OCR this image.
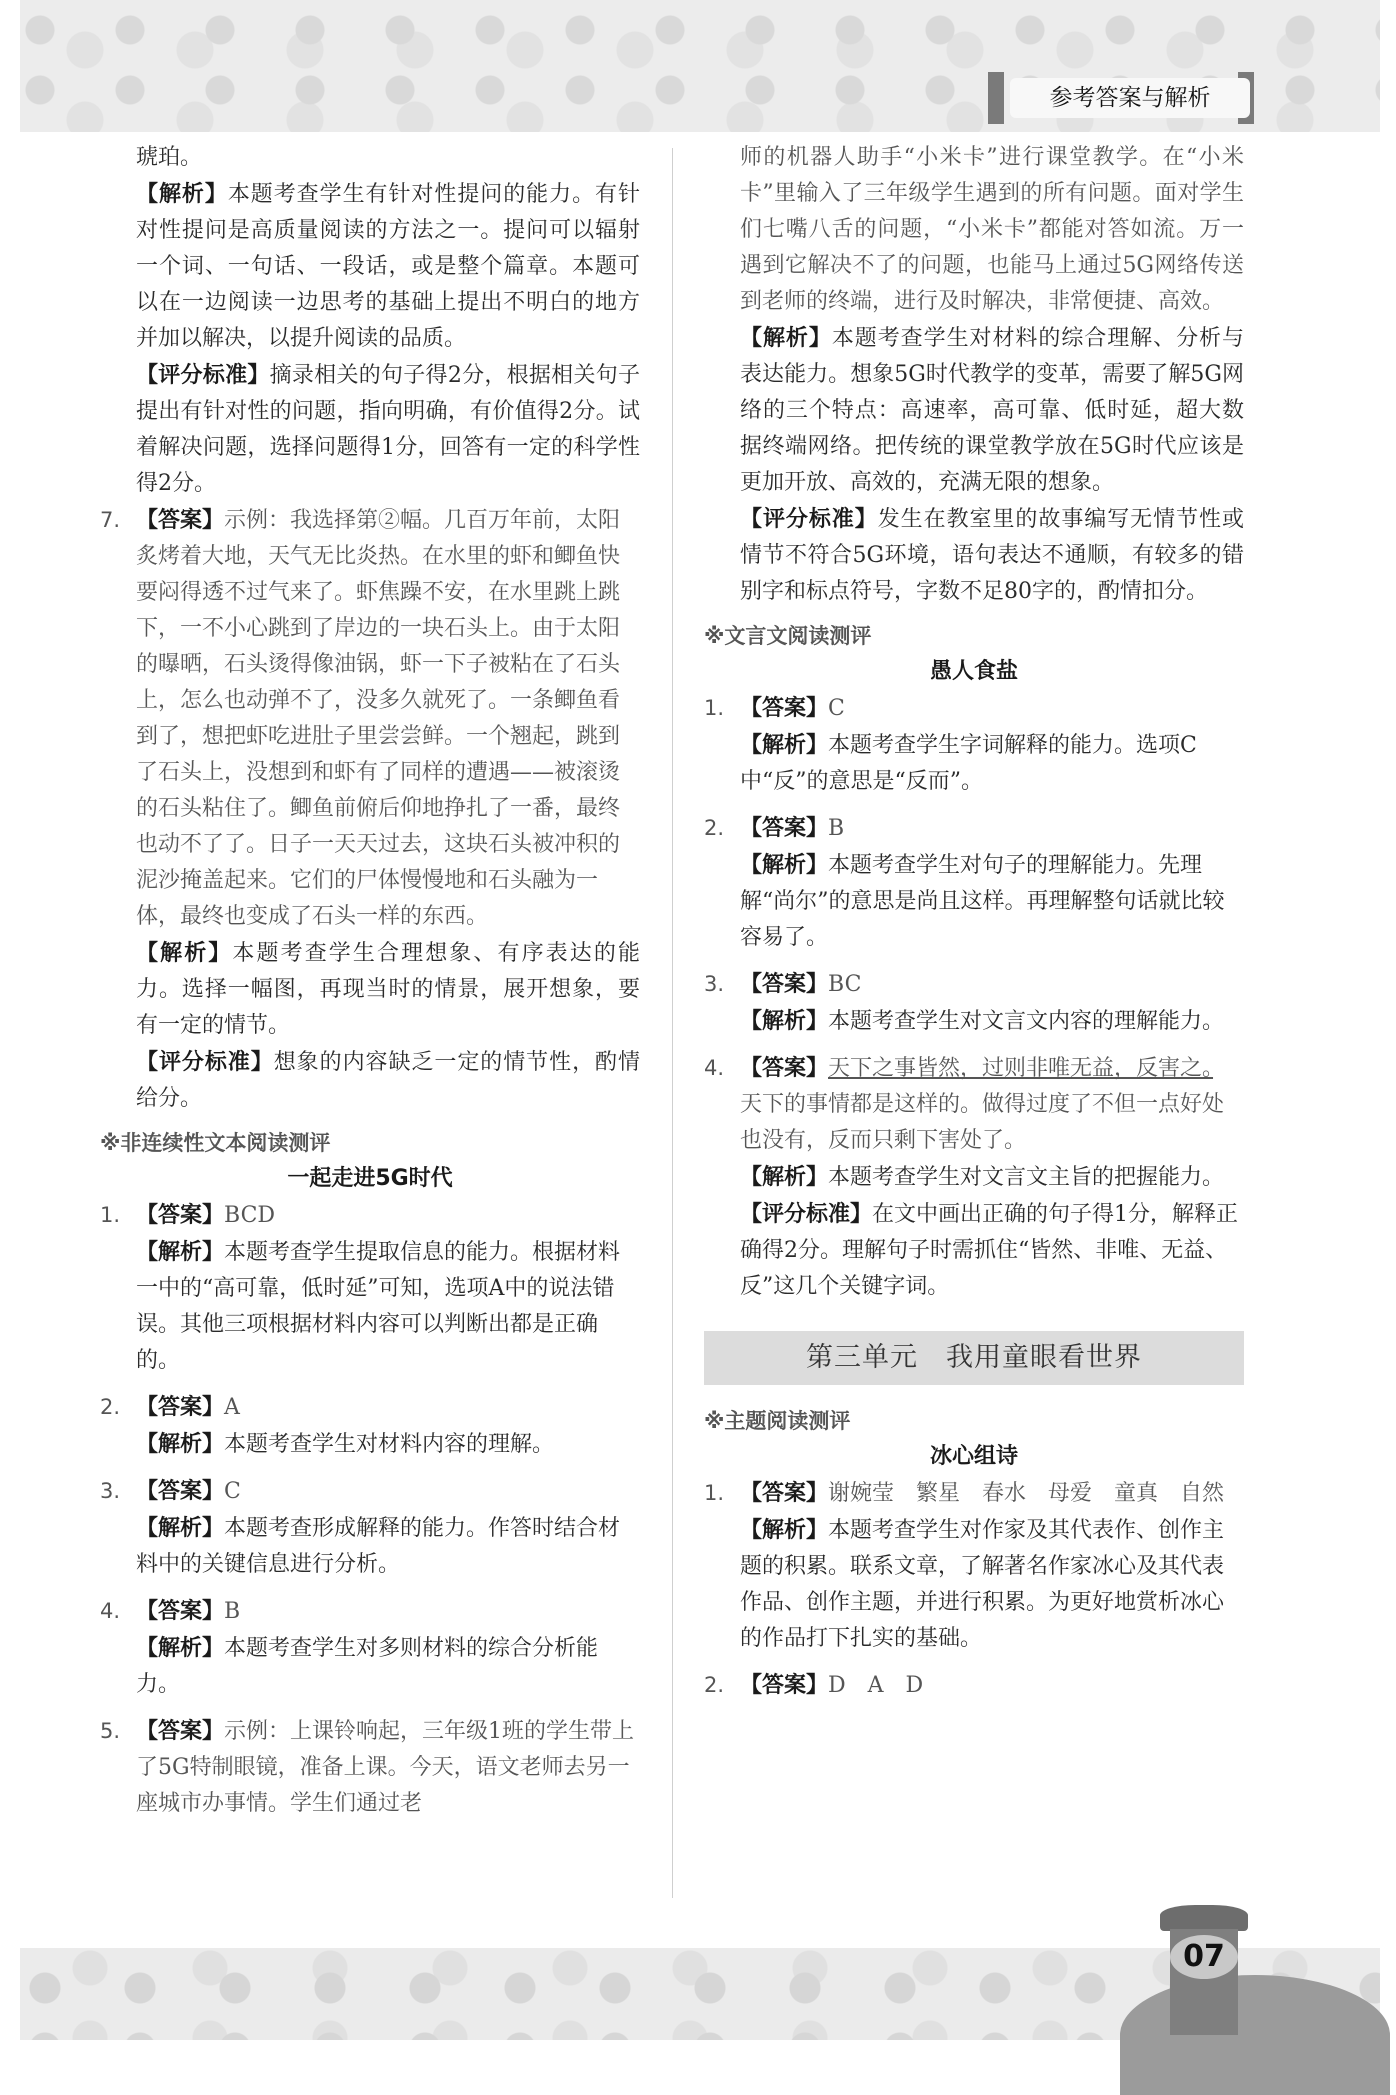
参考答案与解析

琥珀。

【解析】本题考查学生有针对性提问的能力。有针对性提问是高质量阅读的方法之一。提问可以辐射一个词、一句话、一段话，或是整个篇章。本题可以在一边阅读一边思考的基础上提出不明白的地方并加以解决，以提升阅读的品质。

【评分标准】摘录相关的句子得2分，根据相关句子提出有针对性的问题，指向明确，有价值得2分。试着解决问题，选择问题得1分，回答有一定的科学性得2分。

7. 【答案】示例：我选择第②幅。几百万年前，太阳炙烤着大地，天气无比炎热。在水里的虾和鲫鱼快要闷得透不过气来了。虾焦躁不安，在水里跳上跳下，一不小心跳到了岸边的一块石头上。由于太阳的曝晒，石头烫得像油锅，虾一下子被粘在了石头上，怎么也动弹不了，没多久就死了。一条鲫鱼看到了，想把虾吃进肚子里尝尝鲜。一个翘起，跳到了石头上，没想到和虾有了同样的遭遇——被滚烫的石头粘住了。鲫鱼前俯后仰地挣扎了一番，最终也动不了了。日子一天天过去，这块石头被冲积的泥沙掩盖起来。它们的尸体慢慢地和石头融为一体，最终也变成了石头一样的东西。

【解析】本题考查学生合理想象、有序表达的能力。选择一幅图，再现当时的情景，展开想象，要有一定的情节。

【评分标准】想象的内容缺乏一定的情节性，酌情给分。

※非连续性文本阅读测评

一起走进5G时代

1. 【答案】BCD
【解析】本题考查学生提取信息的能力。根据材料一中的“高可靠，低时延”可知，选项A中的说法错误。其他三项根据材料内容可以判断出都是正确的。
2. 【答案】A
【解析】本题考查学生对材料内容的理解。
3. 【答案】C
【解析】本题考查形成解释的能力。作答时结合材料中的关键信息进行分析。
4. 【答案】B
【解析】本题考查学生对多则材料的综合分析能力。
5. 【答案】示例：上课铃响起，三年级1班的学生带上了5G特制眼镜，准备上课。今天，语文老师去另一座城市办事情。学生们通过老

师的机器人助手“小米卡”进行课堂教学。在“小米卡”里输入了三年级学生遇到的所有问题。面对学生们七嘴八舌的问题，“小米卡”都能对答如流。万一遇到它解决不了的问题，也能马上通过5G网络传送到老师的终端，进行及时解决，非常便捷、高效。

【解析】本题考查学生对材料的综合理解、分析与表达能力。想象5G时代教学的变革，需要了解5G网络的三个特点：高速率，高可靠、低时延，超大数据终端网络。把传统的课堂教学放在5G时代应该是更加开放、高效的，充满无限的想象。

【评分标准】发生在教室里的故事编写无情节性或情节不符合5G环境，语句表达不通顺，有较多的错别字和标点符号，字数不足80字的，酌情扣分。

※文言文阅读测评

愚人食盐

1. 【答案】C
【解析】本题考查学生字词解释的能力。选项C中“反”的意思是“反而”。
2. 【答案】B
【解析】本题考查学生对句子的理解能力。先理解“尚尔”的意思是尚且这样。再理解整句话就比较容易了。
3. 【答案】BC
【解析】本题考查学生对文言文内容的理解能力。
4. 【答案】天下之事皆然，过则非唯无益，反害之。　天下的事情都是这样的。做得过度了不但一点好处也没有，反而只剩下害处了。
【解析】本题考查学生对文言文主旨的把握能力。
【评分标准】在文中画出正确的句子得1分，解释正确得2分。理解句子时需抓住“皆然、非唯、无益、反”这几个关键字词。
第三单元　我用童眼看世界

※主题阅读测评

冰心组诗

1. 【答案】谢婉莹　繁星　春水　母爱　童真　自然
【解析】本题考查学生对作家及其代表作、创作主题的积累。联系文章，了解著名作家冰心及其代表作品、创作主题，并进行积累。为更好地赏析冰心的作品打下扎实的基础。
2. 【答案】D　A　D
07
